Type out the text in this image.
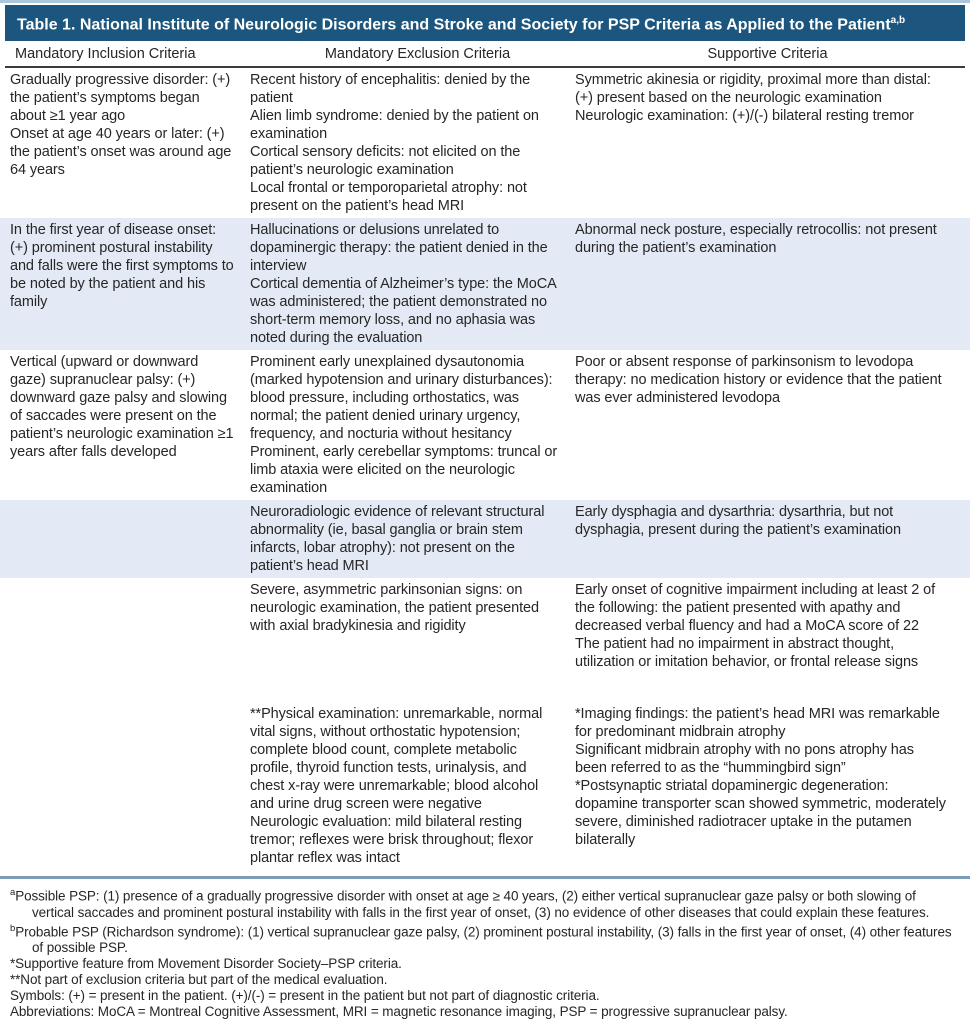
Table 1. National Institute of Neurologic Disorders and Stroke and Society for PSP Criteria as Applied to the Patient$^{a,b}$
Mandatory Inclusion Criteria	Mandatory Exclusion Criteria	Supportive Criteria
Gradually progressive disorder: (+) the patient’s symptoms began about ≥1 year ago
Onset at age 40 years or later: (+) the patient’s onset was around age 64 years
Recent history of encephalitis: denied by the patient
Alien limb syndrome: denied by the patient on examination
Cortical sensory deficits: not elicited on the patient’s neurologic examination
Local frontal or temporoparietal atrophy: not present on the patient’s head MRI
Symmetric akinesia or rigidity, proximal more than distal: (+) present based on the neurologic examination
Neurologic examination: (+)/(-) bilateral resting tremor
In the first year of disease onset: (+) prominent postural instability and falls were the first symptoms to be noted by the patient and his family
Hallucinations or delusions unrelated to dopaminergic therapy: the patient denied in the interview
Cortical dementia of Alzheimer’s type: the MoCA was administered; the patient demonstrated no short-term memory loss, and no aphasia was noted during the evaluation
Abnormal neck posture, especially retrocollis: not present during the patient’s examination
Vertical (upward or downward gaze) supranuclear palsy: (+) downward gaze palsy and slowing of saccades were present on the patient’s neurologic examination ≥1 years after falls developed
Prominent early unexplained dysautonomia (marked hypotension and urinary disturbances): blood pressure, including orthostatics, was normal; the patient denied urinary urgency, frequency, and nocturia without hesitancy
Prominent, early cerebellar symptoms: truncal or limb ataxia were elicited on the neurologic examination
Poor or absent response of parkinsonism to levodopa therapy: no medication history or evidence that the patient was ever administered levodopa
Neuroradiologic evidence of relevant structural abnormality (ie, basal ganglia or brain stem infarcts, lobar atrophy): not present on the patient’s head MRI
Early dysphagia and dysarthria: dysarthria, but not dysphagia, present during the patient’s examination
Severe, asymmetric parkinsonian signs: on neurologic examination, the patient presented with axial bradykinesia and rigidity
Early onset of cognitive impairment including at least 2 of the following: the patient presented with apathy and decreased verbal fluency and had a MoCA score of 22
The patient had no impairment in abstract thought, utilization or imitation behavior, or frontal release signs
**Physical examination: unremarkable, normal vital signs, without orthostatic hypotension; complete blood count, complete metabolic profile, thyroid function tests, urinalysis, and chest x-ray were unremarkable; blood alcohol and urine drug screen were negative
Neurologic evaluation: mild bilateral resting tremor; reflexes were brisk throughout; flexor plantar reflex was intact
*Imaging findings: the patient’s head MRI was remarkable for predominant midbrain atrophy
Significant midbrain atrophy with no pons atrophy has been referred to as the “hummingbird sign”
*Postsynaptic striatal dopaminergic degeneration: dopamine transporter scan showed symmetric, moderately severe, diminished radiotracer uptake in the putamen bilaterally
$^a$Possible PSP: (1) presence of a gradually progressive disorder with onset at age ≥ 40 years, (2) either vertical supranuclear gaze palsy or both slowing of vertical saccades and prominent postural instability with falls in the first year of onset, (3) no evidence of other diseases that could explain these features.
$^b$Probable PSP (Richardson syndrome): (1) vertical supranuclear gaze palsy, (2) prominent postural instability, (3) falls in the first year of onset, (4) other features of possible PSP.
*Supportive feature from Movement Disorder Society–PSP criteria.
**Not part of exclusion criteria but part of the medical evaluation.
Symbols: (+) = present in the patient. (+)/(-) = present in the patient but not part of diagnostic criteria.
Abbreviations: MoCA = Montreal Cognitive Assessment, MRI = magnetic resonance imaging, PSP = progressive supranuclear palsy.
